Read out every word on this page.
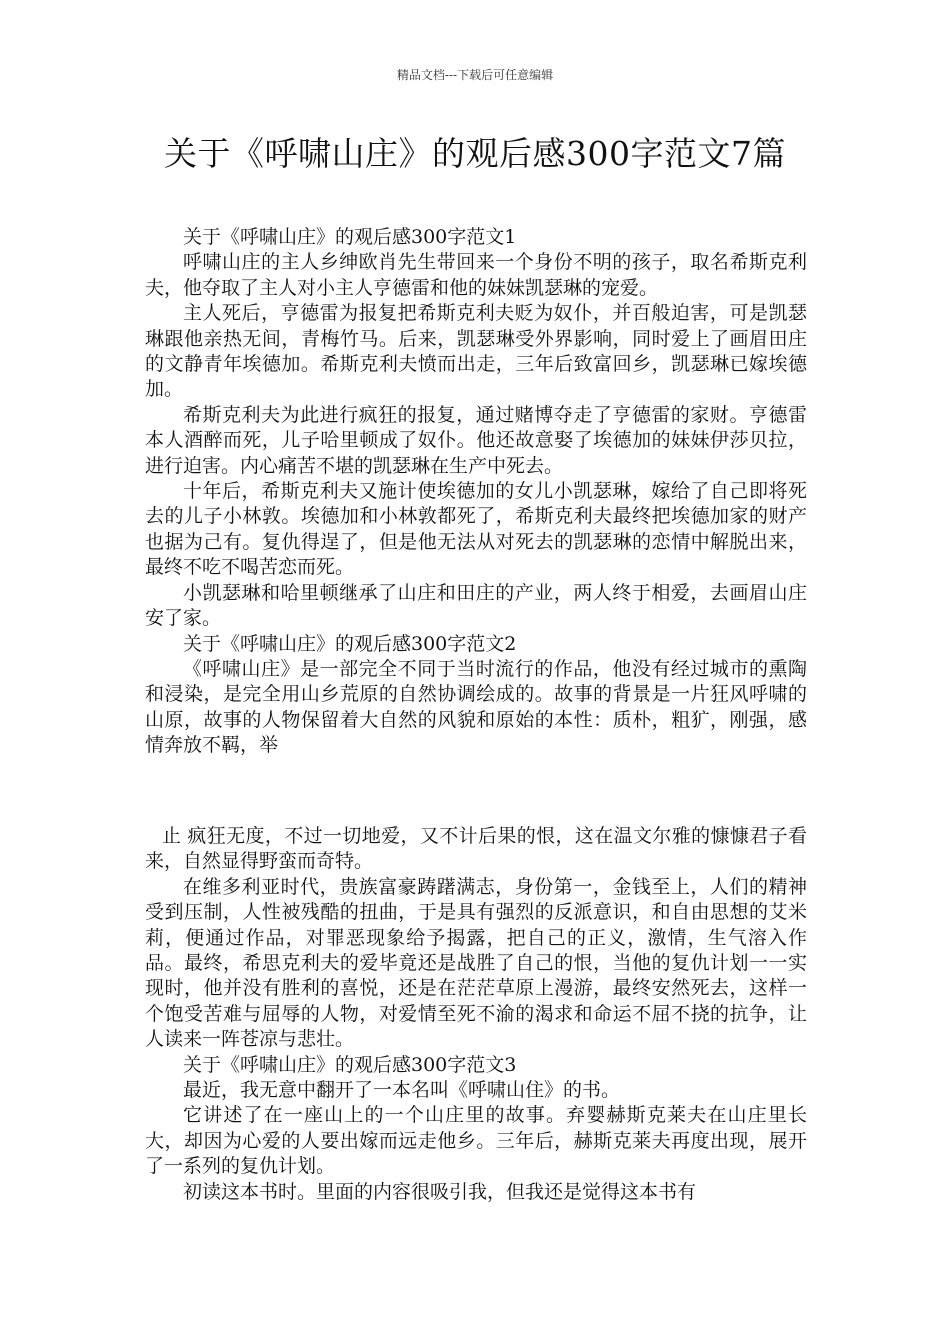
精品文档---下载后可任意编辑
关于《呼啸山庄》的观后感300字范文7篇

关于《呼啸山庄》的观后感300字范文1

呼啸山庄的主人乡绅欧肖先生带回来一个身份不明的孩子，取名希斯克利夫，他夺取了主人对小主人亨德雷和他的妹妹凯瑟琳的宠爱。

主人死后，亨德雷为报复把希斯克利夫贬为奴仆，并百般迫害，可是凯瑟琳跟他亲热无间，青梅竹马。后来，凯瑟琳受外界影响，同时爱上了画眉田庄的文静青年埃德加。希斯克利夫愤而出走，三年后致富回乡，凯瑟琳已嫁埃德加。

希斯克利夫为此进行疯狂的报复，通过赌博夺走了亨德雷的家财。亨德雷本人酒醉而死，儿子哈里顿成了奴仆。他还故意娶了埃德加的妹妹伊莎贝拉，进行迫害。内心痛苦不堪的凯瑟琳在生产中死去。

十年后，希斯克利夫又施计使埃德加的女儿小凯瑟琳，嫁给了自己即将死去的儿子小林敦。埃德加和小林敦都死了，希斯克利夫最终把埃德加家的财产也据为己有。复仇得逞了，但是他无法从对死去的凯瑟琳的恋情中解脱出来，最终不吃不喝苦恋而死。

小凯瑟琳和哈里顿继承了山庄和田庄的产业，两人终于相爱，去画眉山庄安了家。

关于《呼啸山庄》的观后感300字范文2

《呼啸山庄》是一部完全不同于当时流行的作品，他没有经过城市的熏陶和浸染，是完全用山乡荒原的自然协调绘成的。故事的背景是一片狂风呼啸的山原，故事的人物保留着大自然的风貌和原始的本性：质朴，粗犷，刚强，感情奔放不羁，举

止 疯狂无度，不过一切地爱，又不计后果的恨，这在温文尔雅的慷慷君子看来，自然显得野蛮而奇特。

在维多利亚时代，贵族富豪踌躇满志，身份第一，金钱至上，人们的精神受到压制，人性被残酷的扭曲，于是具有强烈的反派意识，和自由思想的艾米莉，便通过作品，对罪恶现象给予揭露，把自己的正义，激情，生气溶入作品。最终，希思克利夫的爱毕竟还是战胜了自己的恨，当他的复仇计划一一实现时，他并没有胜利的喜悦，还是在茫茫草原上漫游，最终安然死去，这样一个饱受苦难与屈辱的人物，对爱情至死不渝的渴求和命运不屈不挠的抗争，让人读来一阵苍凉与悲壮。

关于《呼啸山庄》的观后感300字范文3

最近，我无意中翻开了一本名叫《呼啸山住》的书。

它讲述了在一座山上的一个山庄里的故事。弃婴赫斯克莱夫在山庄里长大，却因为心爱的人要出嫁而远走他乡。三年后，赫斯克莱夫再度出现，展开了一系列的复仇计划。

初读这本书时。里面的内容很吸引我，但我还是觉得这本书有
